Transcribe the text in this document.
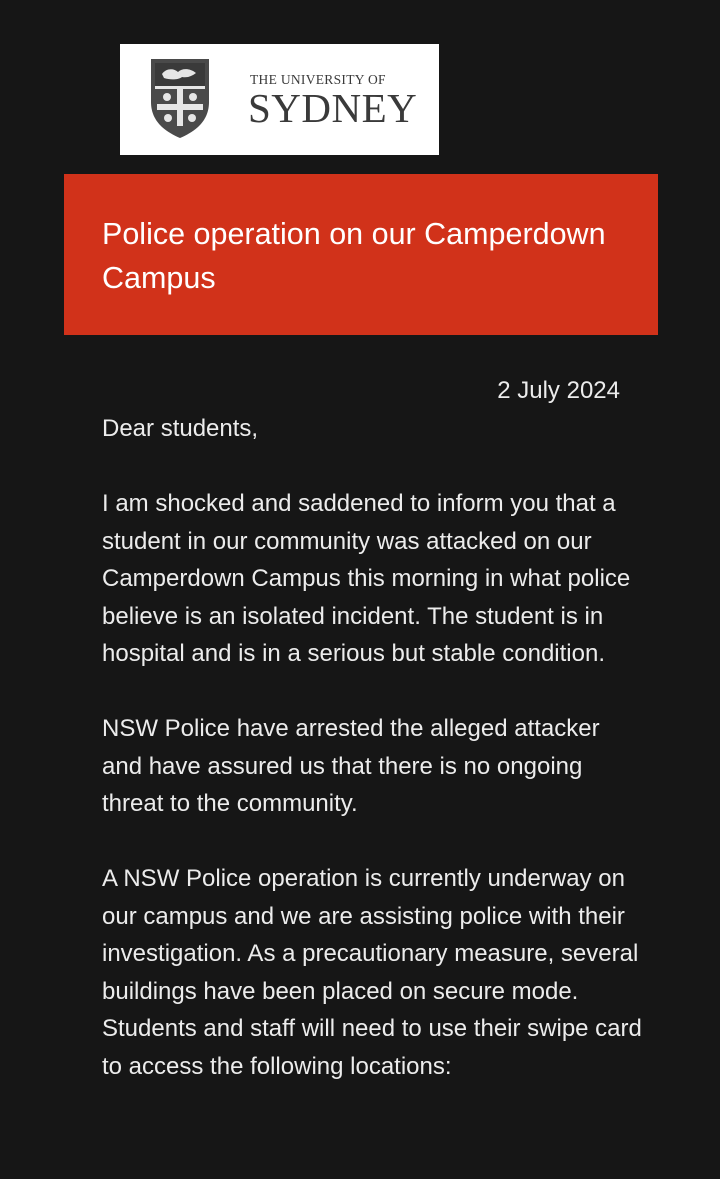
THE UNIVERSITY OF
SYDNEY
Police operation on our Camperdown Campus
2 July 2024

Dear students,

I am shocked and saddened to inform you that a student in our community was attacked on our Camperdown Campus this morning in what police believe is an isolated incident. The student is in hospital and is in a serious but stable condition.

NSW Police have arrested the alleged attacker and have assured us that there is no ongoing threat to the community.

A NSW Police operation is currently underway on our campus and we are assisting police with their investigation. As a precautionary measure, several buildings have been placed on secure mode. Students and staff will need to use their swipe card to access the following locations:
